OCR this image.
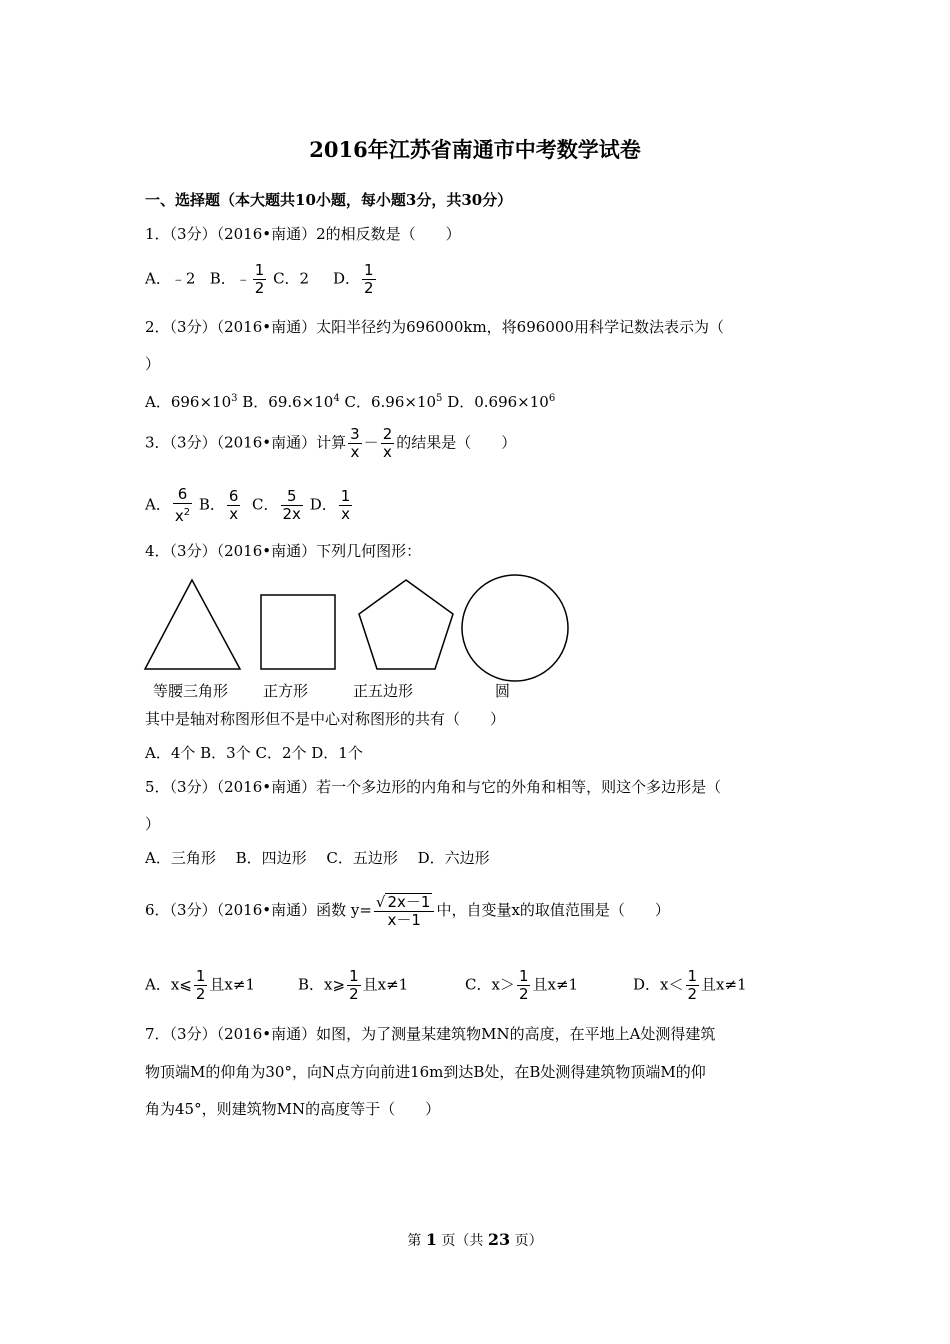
2016年江苏省南通市中考数学试卷
一、选择题（本大题共10小题，每小题3分，共30分）
1．（3分）（2016•南通）2的相反数是（　　）
A．﹣2 B．﹣ $\frac{1}{2}$ C．2 D． $\frac{1}{2}$
2．（3分）（2016•南通）太阳半径约为696000km，将696000用科学记数法表示为（
）
A．$696\times 10^3$ B．$69.6\times 10^4$ C．$6.96\times 10^5$ D．$0.696\times 10^6$
3．（3分）（2016•南通）计算 $\frac{3}{x} - \frac{2}{x}$ 的结果是（　　）
A． $\frac{6}{x^2}$ B． $\frac{6}{x}$ C． $\frac{5}{2x}$ D． $\frac{1}{x}$
4．（3分）（2016•南通）下列几何图形：
等腰三角形 正方形	正五边形	圆
其中是轴对称图形但不是中心对称图形的共有（　　）
A．4个 B．3个 C．2个 D．1个
5．（3分）（2016•南通）若一个多边形的内角和与它的外角和相等，则这个多边形是（
）
A．三角形　 B．四边形　 C．五边形　 D．六边形
6．（3分）（2016•南通）函数 $y= \frac{√ 2x-1}{x-1}$ 中，自变量x的取值范围是（　　）
A．x⩽ $\frac{1}{2}$ 且x≠1	B．x⩾ $\frac{1}{2}$ 且x≠1	C．$x> \frac{1}{2}$ 且x≠1	D．$x< \frac{1}{2}$ 且x≠1
7．（3分）（2016•南通）如图，为了测量某建筑物MN的高度，在平地上A处测得建筑
物顶端M的仰角为30°，向N点方向前进16m到达B处，在B处测得建筑物顶端M的仰
角为45°，则建筑物MN的高度等于（　　）
第 1 页（共 23 页）
